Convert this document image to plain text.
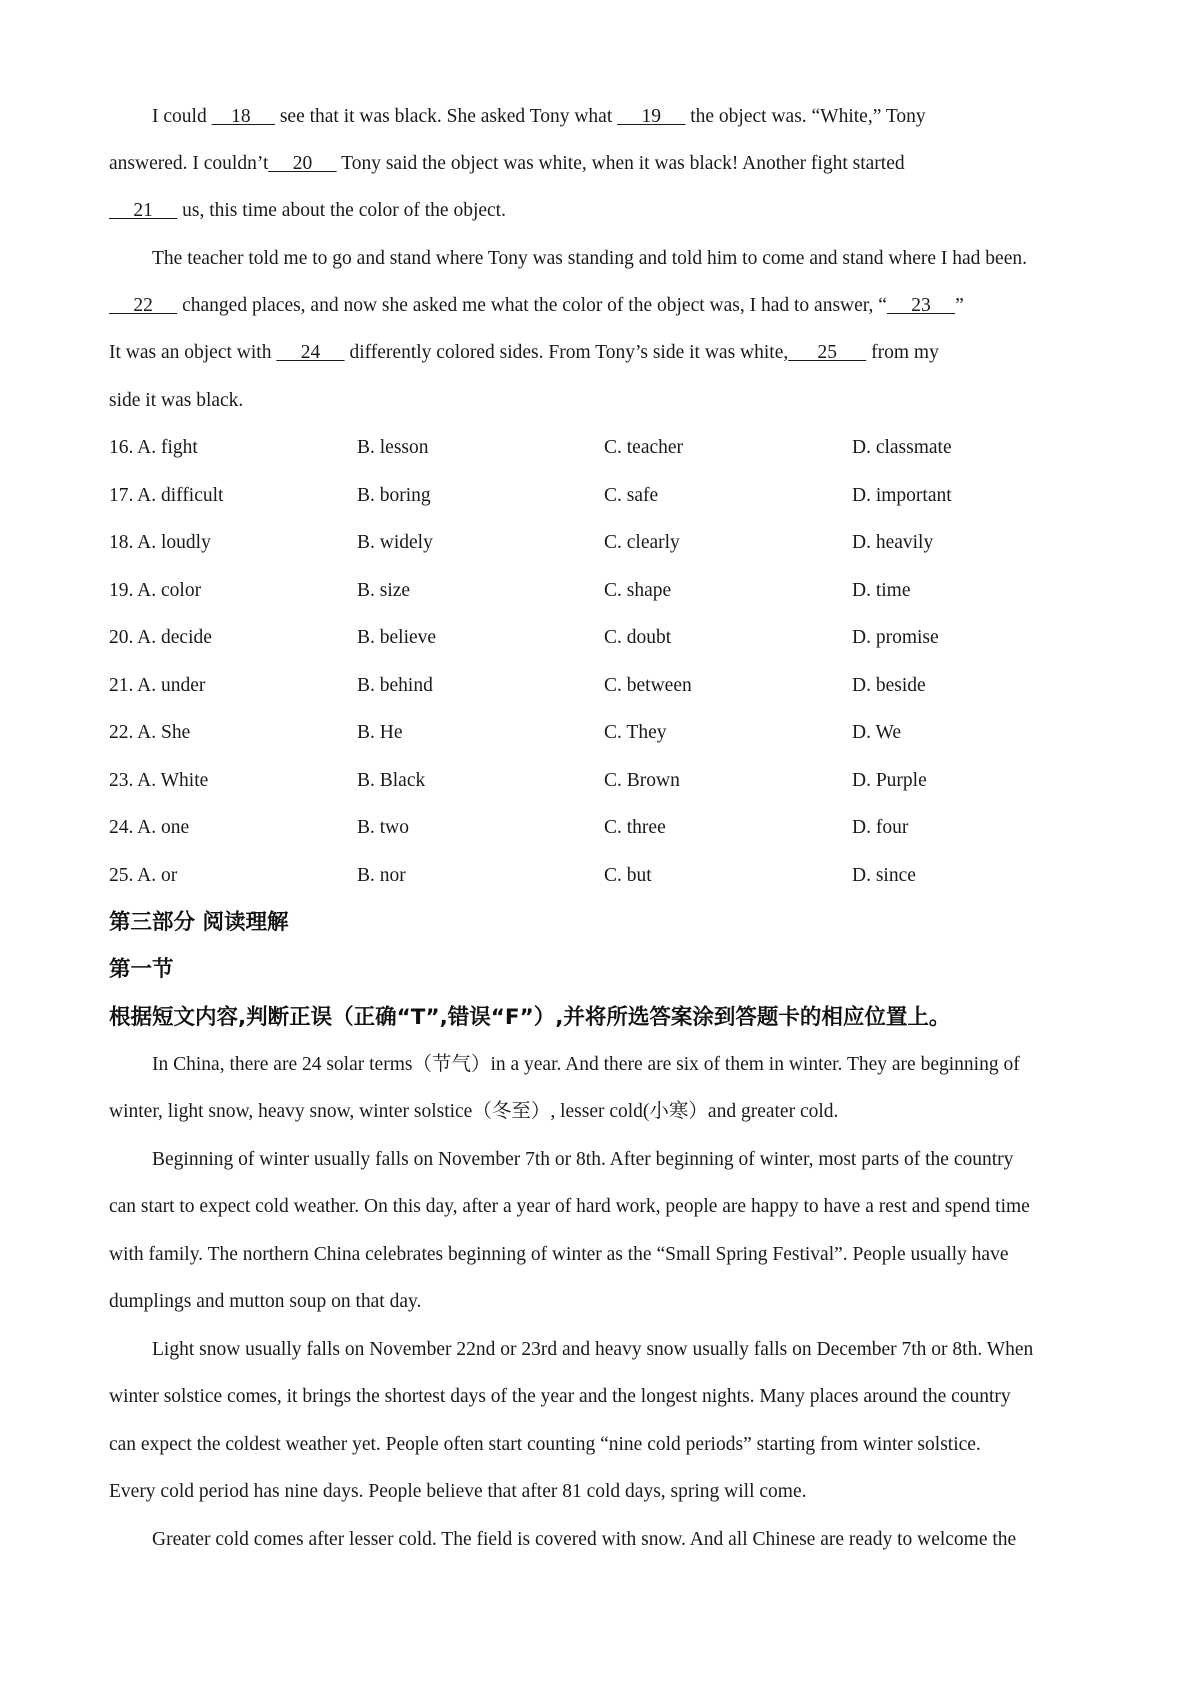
I could     18      see that it was black. She asked Tony what      19      the object was. “White,” Tony
answered. I couldn’t     20      Tony said the object was white, when it was black! Another fight started
21      us, this time about the color of the object.
The teacher told me to go and stand where Tony was standing and told him to come and stand where I had been.
22      changed places, and now she asked me what the color of the object was, I had to answer, “     23     ”
It was an object with      24      differently colored sides. From Tony’s side it was white,      25       from my
side it was black.
16. A. fight	B. lesson	C. teacher	D. classmate
17. A. difficult	B. boring	C. safe	D. important
18. A. loudly	B. widely	C. clearly	D. heavily
19. A. color	B. size	C. shape	D. time
20. A. decide	B. believe	C. doubt	D. promise
21. A. under	B. behind	C. between	D. beside
22. A. She	B. He	C. They	D. We
23. A. White	B. Black	C. Brown	D. Purple
24. A. one	B. two	C. three	D. four
25. A. or	B. nor	C. but	D. since
第三部分 阅读理解
第一节
根据短文内容,判断正误（正确“T”,错误“F”）,并将所选答案涂到答题卡的相应位置上。
In China, there are 24 solar terms（节气）in a year. And there are six of them in winter. They are beginning of
winter, light snow, heavy snow, winter solstice（冬至）, lesser cold(小寒）and greater cold.
Beginning of winter usually falls on November 7th or 8th. After beginning of winter, most parts of the country
can start to expect cold weather. On this day, after a year of hard work, people are happy to have a rest and spend time
with family. The northern China celebrates beginning of winter as the “Small Spring Festival”. People usually have
dumplings and mutton soup on that day.
Light snow usually falls on November 22nd or 23rd and heavy snow usually falls on December 7th or 8th. When
winter solstice comes, it brings the shortest days of the year and the longest nights. Many places around the country
can expect the coldest weather yet. People often start counting “nine cold periods” starting from winter solstice.
Every cold period has nine days. People believe that after 81 cold days, spring will come.
Greater cold comes after lesser cold. The field is covered with snow. And all Chinese are ready to welcome the
